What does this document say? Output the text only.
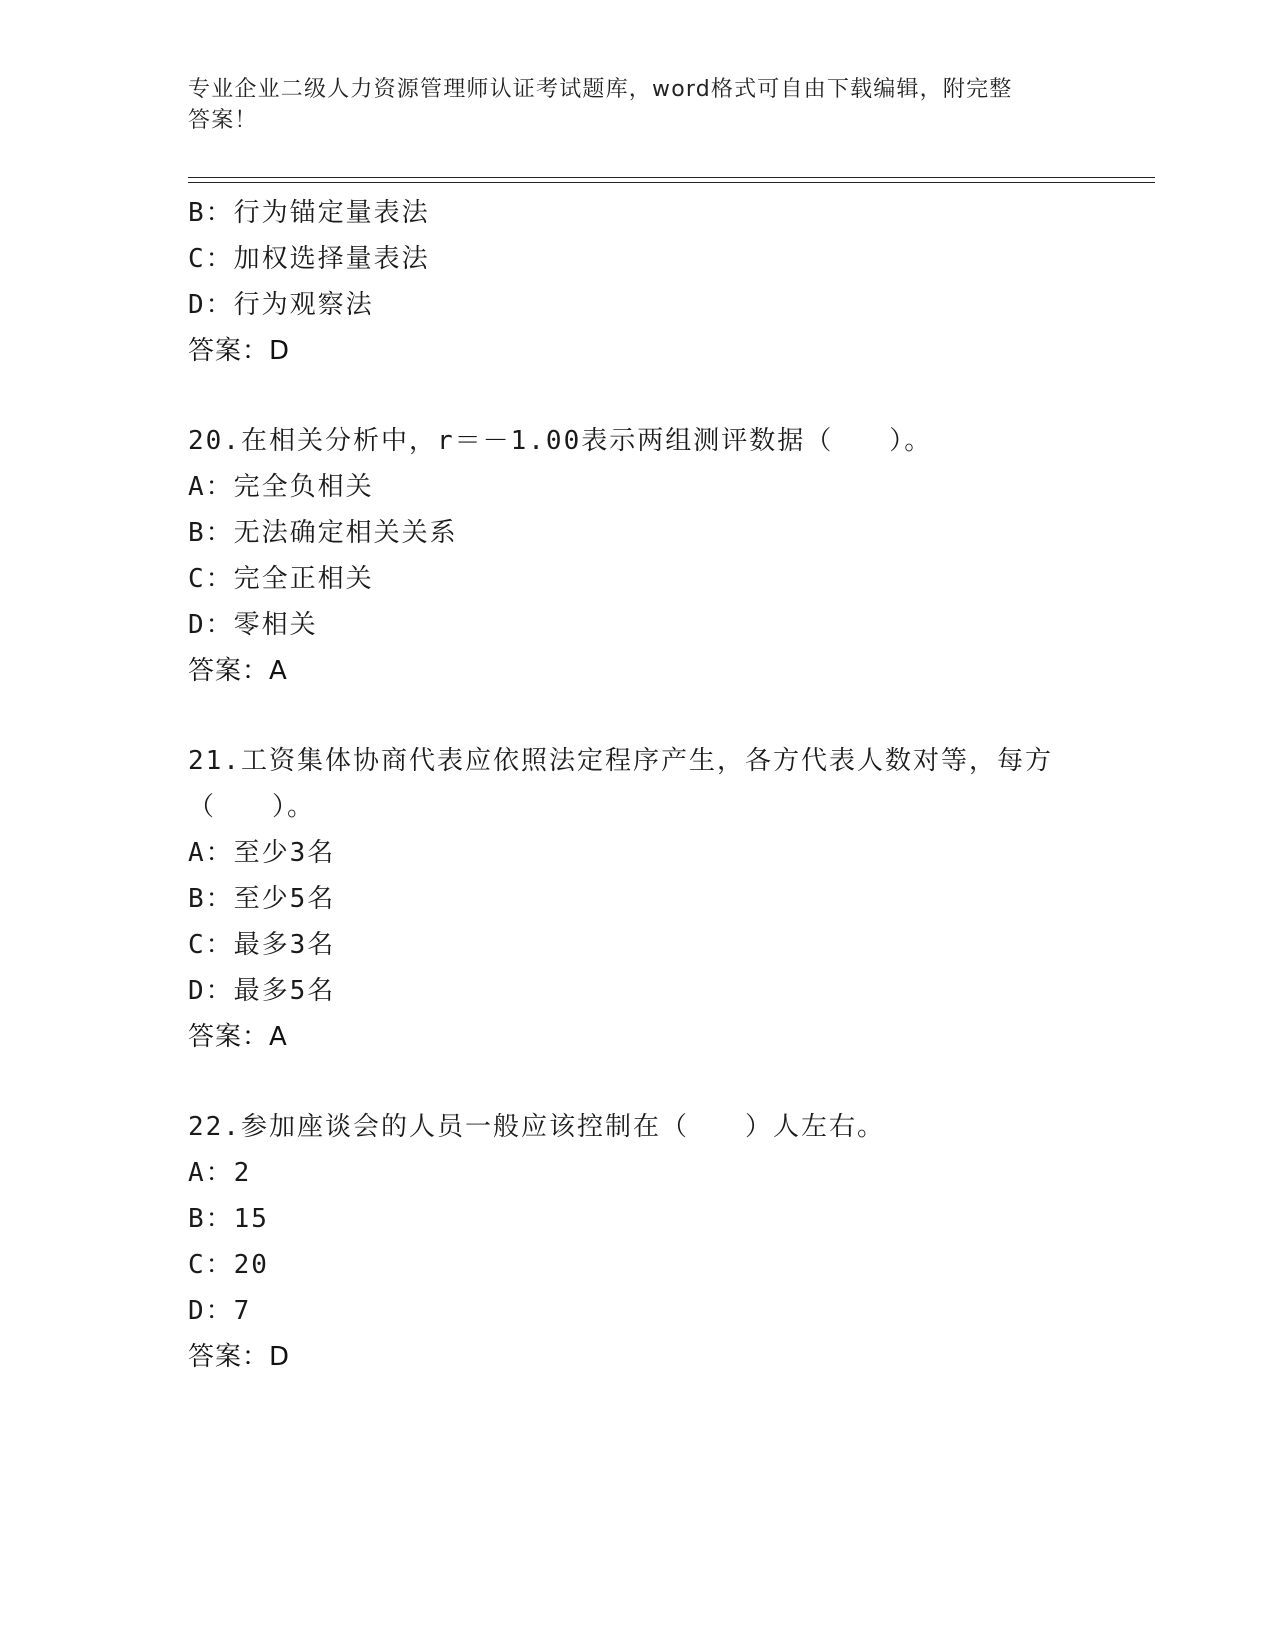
专业企业二级人力资源管理师认证考试题库，word格式可自由下载编辑，附完整
答案！
B：行为锚定量表法
C：加权选择量表法
D：行为观察法
答案：D
20.在相关分析中，r＝－1.00表示两组测评数据（　　）。
A：完全负相关
B：无法确定相关关系
C：完全正相关
D：零相关
答案：A
21.工资集体协商代表应依照法定程序产生，各方代表人数对等，每方
（　　）。
A：至少3名
B：至少5名
C：最多3名
D：最多5名
答案：A
22.参加座谈会的人员一般应该控制在（　　）人左右。
A：2
B：15
C：20
D：7
答案：D
